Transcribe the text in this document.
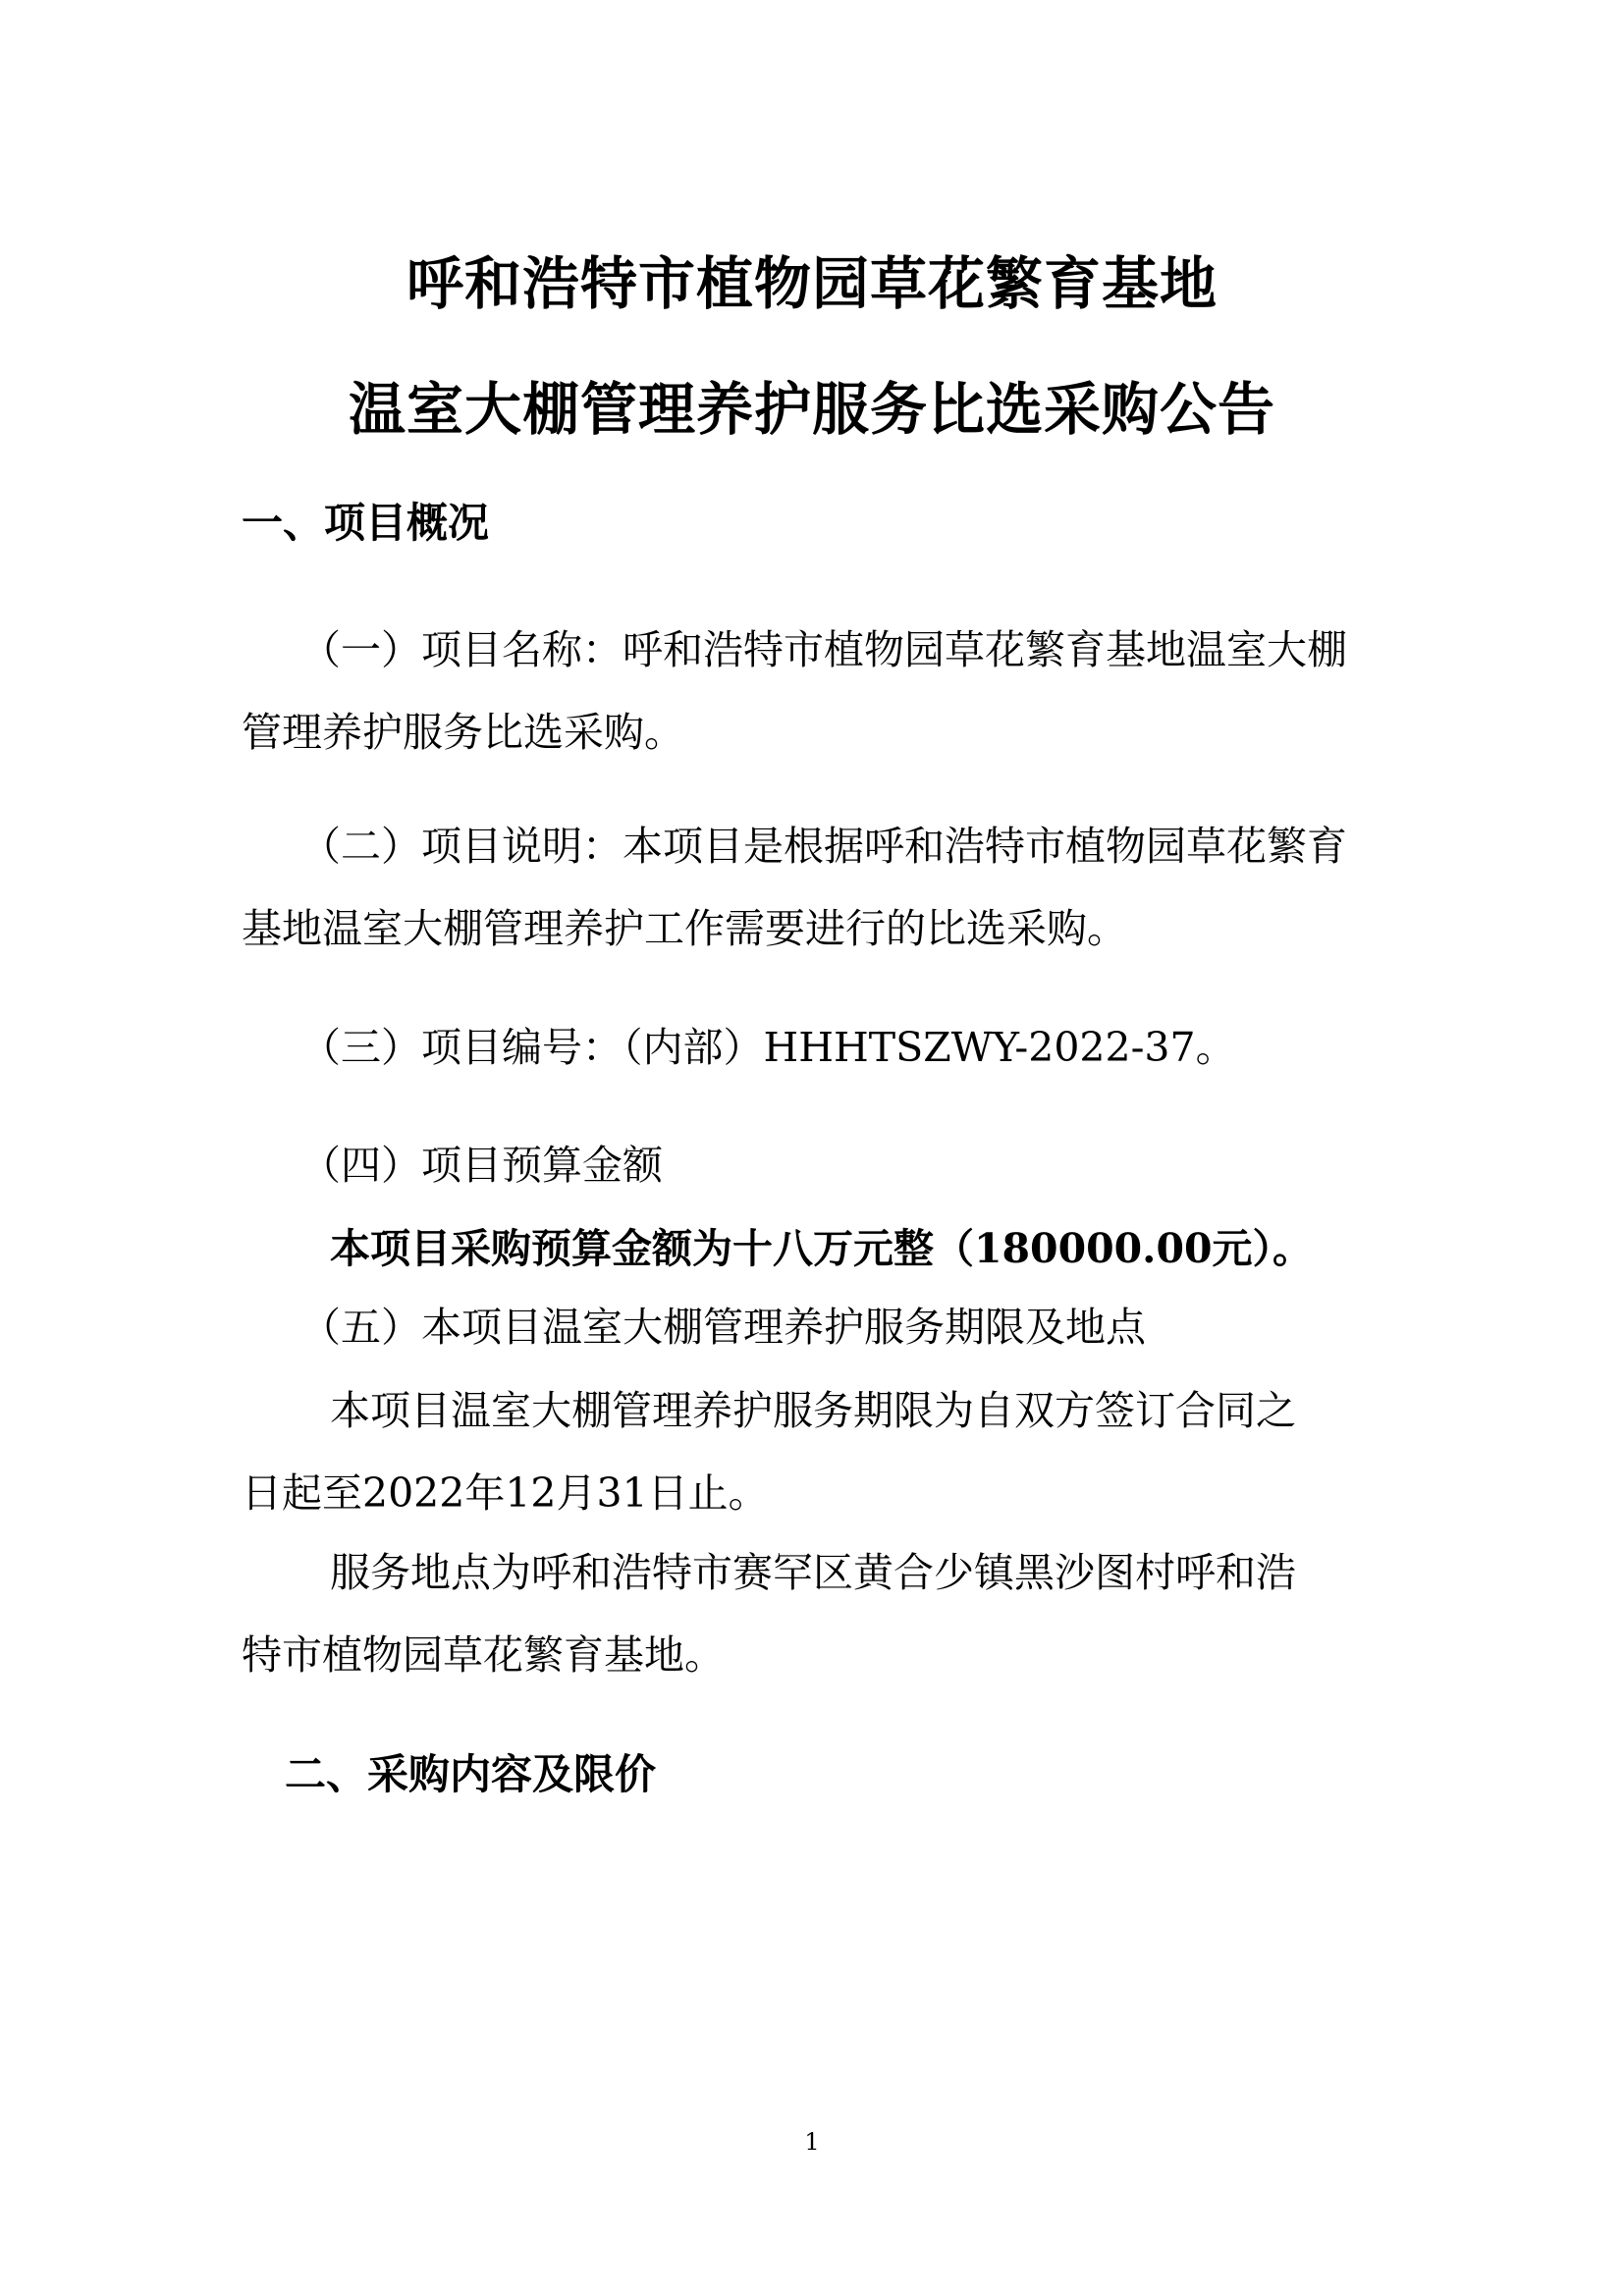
呼和浩特市植物园草花繁育基地
温室大棚管理养护服务比选采购公告
一、项目概况
（一）项目名称：呼和浩特市植物园草花繁育基地温室大棚
管理养护服务比选采购。
（二）项目说明：本项目是根据呼和浩特市植物园草花繁育
基地温室大棚管理养护工作需要进行的比选采购。
（三）项目编号：（内部）HHHTSZWY-2022-37。
（四）项目预算金额
本项目采购预算金额为十八万元整（180000.00元）。
（五）本项目温室大棚管理养护服务期限及地点
本项目温室大棚管理养护服务期限为自双方签订合同之
日起至2022年12月31日止。
服务地点为呼和浩特市赛罕区黄合少镇黑沙图村呼和浩
特市植物园草花繁育基地。
二、采购内容及限价
1
